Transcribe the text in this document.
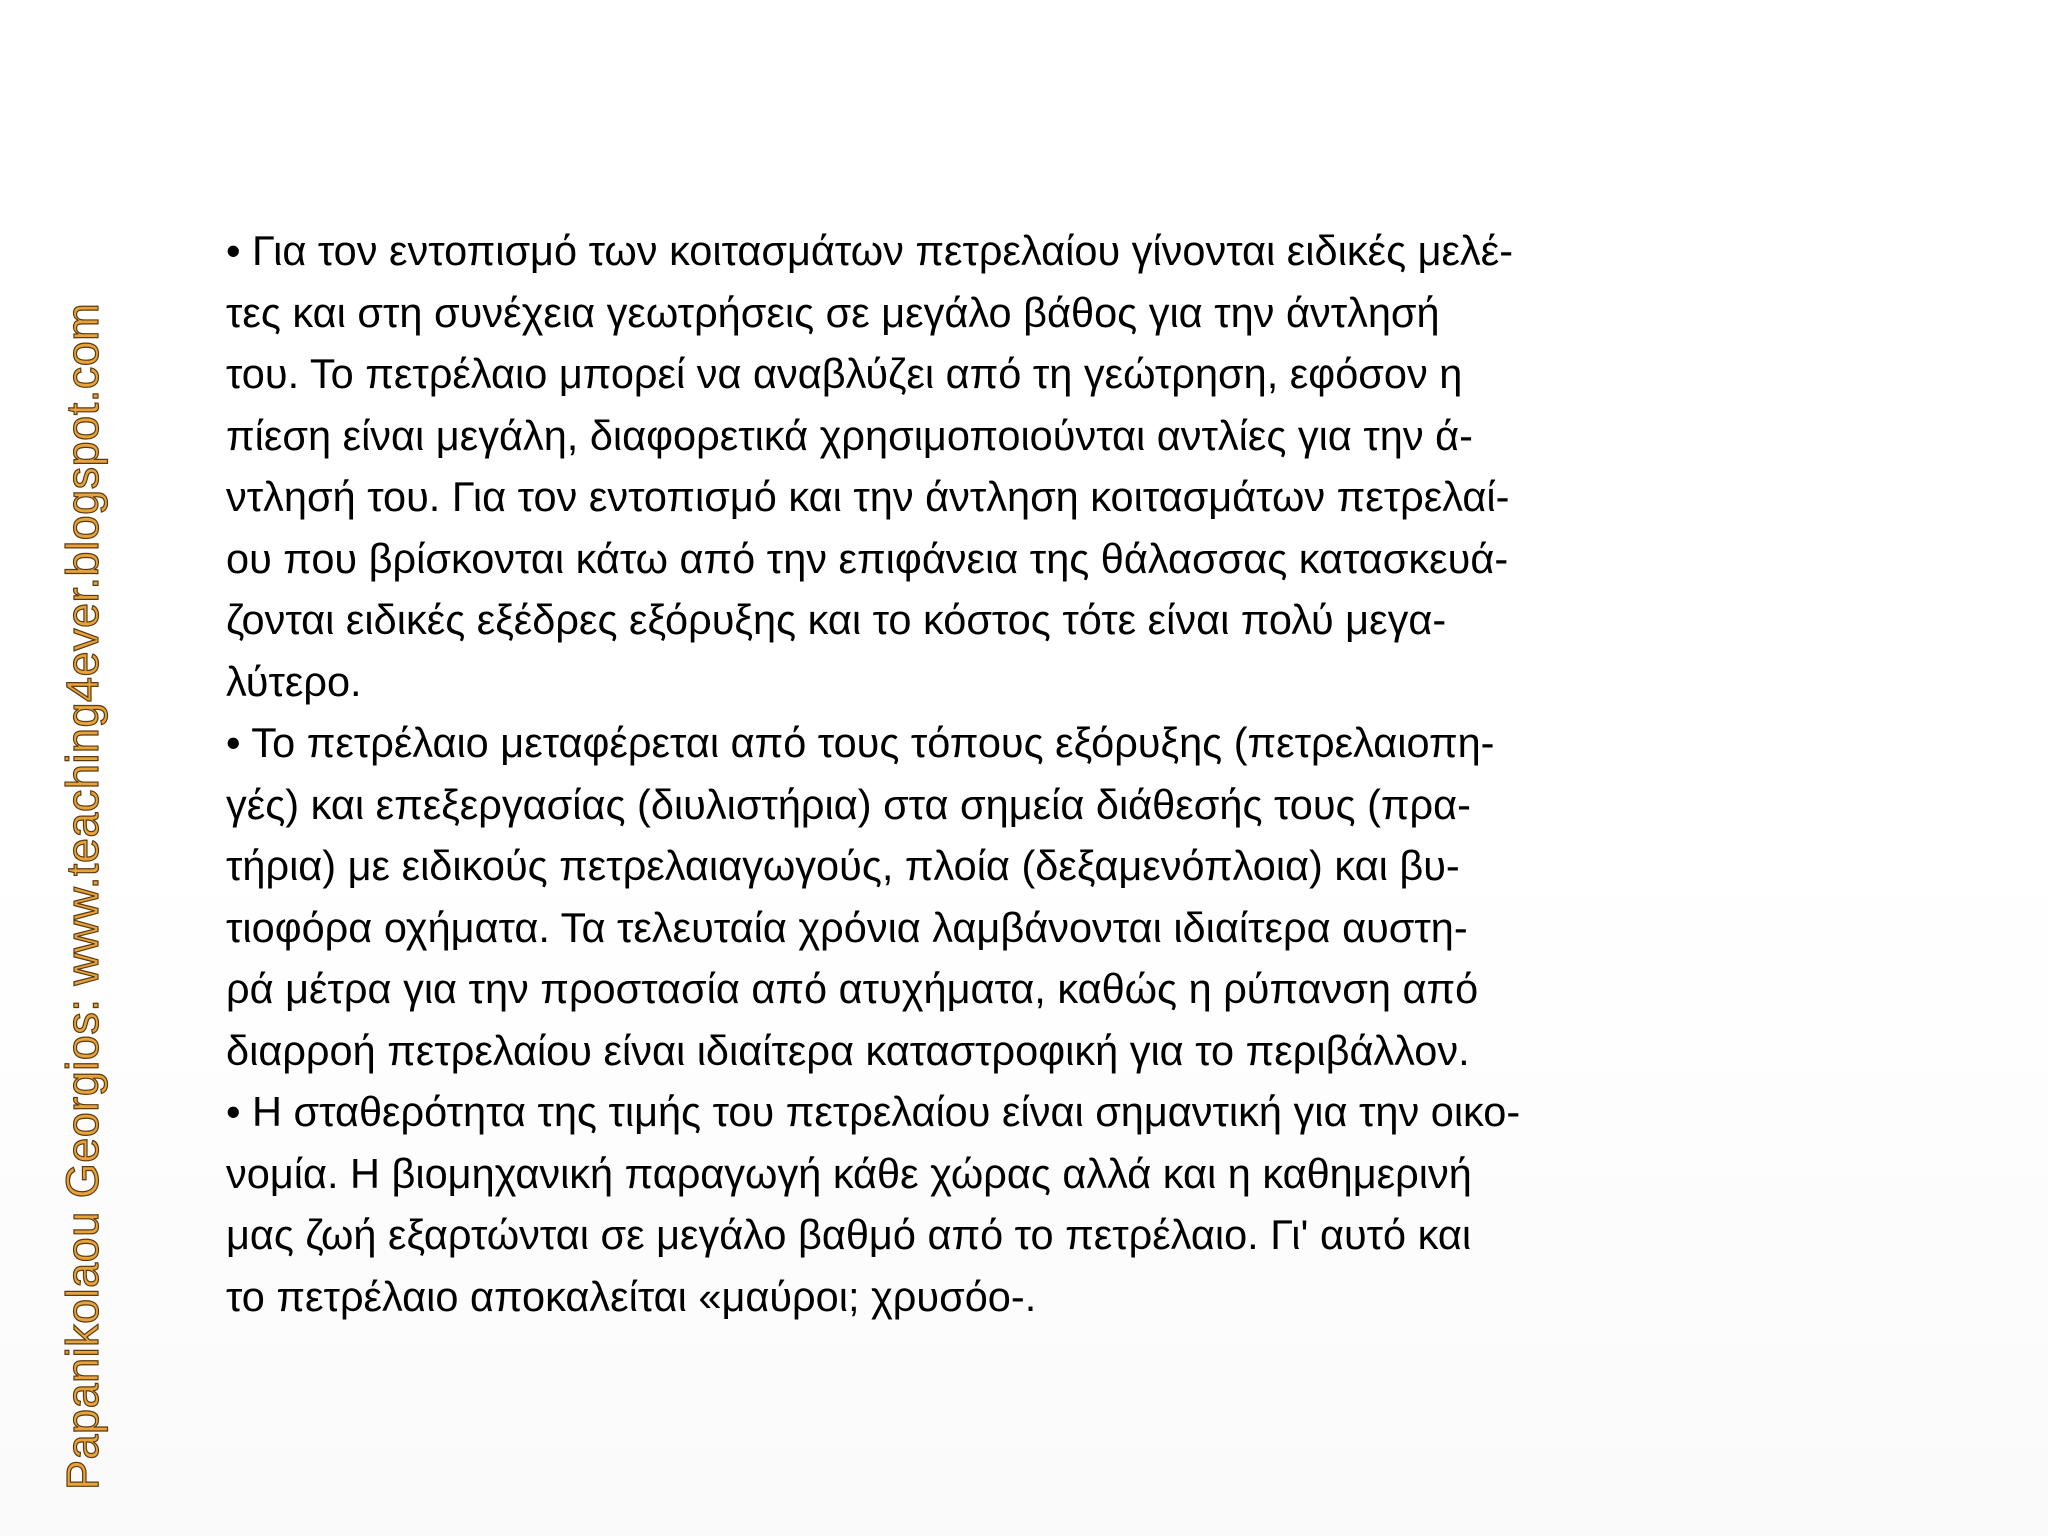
Papanikolaou Georgios: www.teaching4ever.blogspot.com
• Για τον εντοπισμό των κοιτασμάτων πετρελαίου γίνονται ειδικές μελέ-
τες και στη συνέχεια γεωτρήσεις σε μεγάλο βάθος για την άντλησή
του. Το πετρέλαιο μπορεί να αναβλύζει από τη γεώτρηση, εφόσον η
πίεση είναι μεγάλη, διαφορετικά χρησιμοποιούνται αντλίες για την ά-
ντλησή του. Για τον εντοπισμό και την άντληση κοιτασμάτων πετρελαί-
ου που βρίσκονται κάτω από την επιφάνεια της θάλασσας κατασκευά-
ζονται ειδικές εξέδρες εξόρυξης και το κόστος τότε είναι πολύ μεγα-
λύτερο.
• Το πετρέλαιο μεταφέρεται από τους τόπους εξόρυξης (πετρελαιοπη-
γές) και επεξεργασίας (διυλιστήρια) στα σημεία διάθεσής τους (πρα-
τήρια) με ειδικούς πετρελαιαγωγούς, πλοία (δεξαμενόπλοια) και βυ-
τιοφόρα οχήματα. Τα τελευταία χρόνια λαμβάνονται ιδιαίτερα αυστη-
ρά μέτρα για την προστασία από ατυχήματα, καθώς η ρύπανση από
διαρροή πετρελαίου είναι ιδιαίτερα καταστροφική για το περιβάλλον.
• Η σταθερότητα της τιμής του πετρελαίου είναι σημαντική για την οικο-
νομία. Η βιομηχανική παραγωγή κάθε χώρας αλλά και η καθημερινή
μας ζωή εξαρτώνται σε μεγάλο βαθμό από το πετρέλαιο. Γι' αυτό και
το πετρέλαιο αποκαλείται «μαύροι; χρυσόο-.
